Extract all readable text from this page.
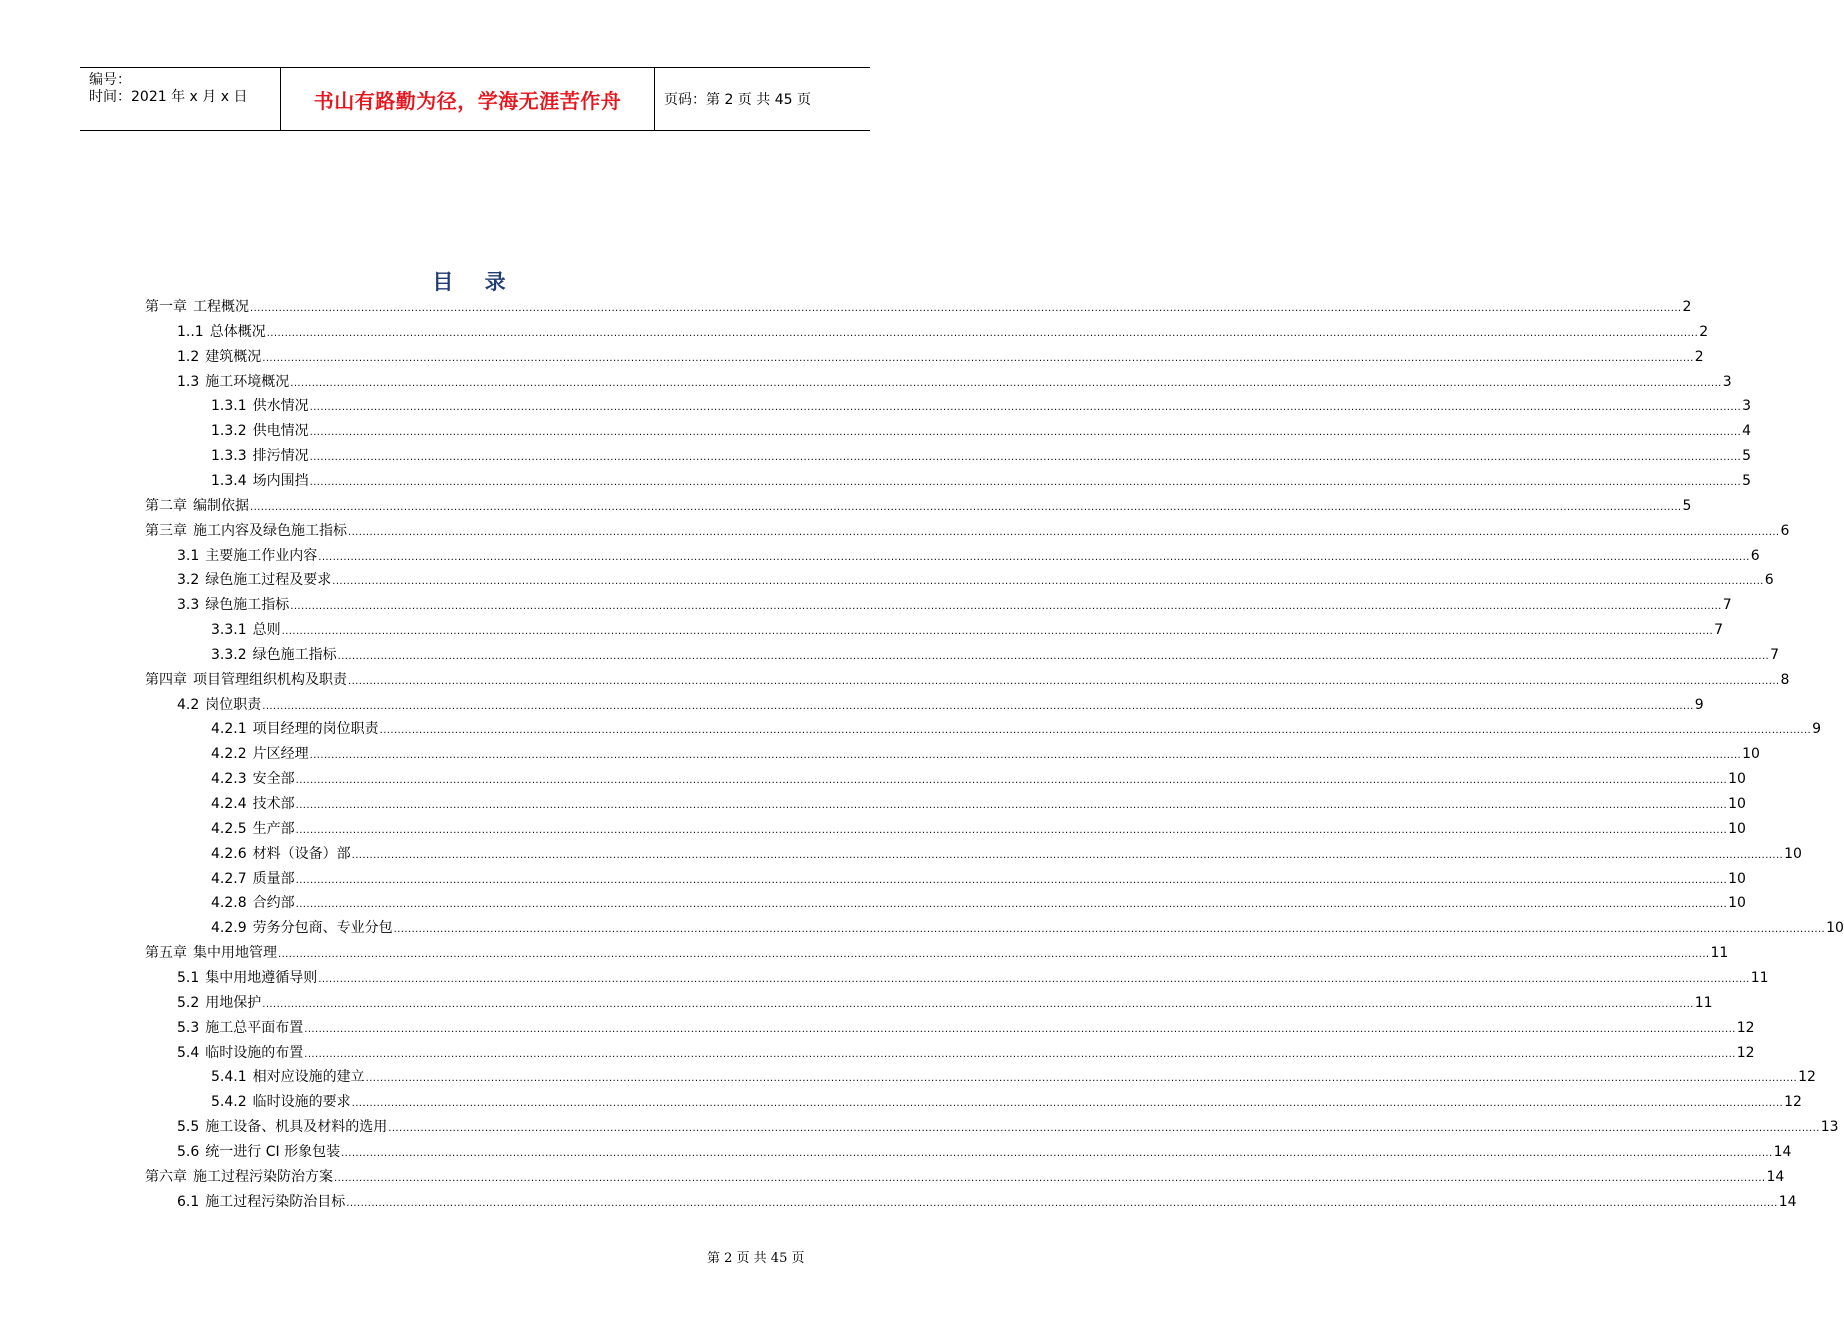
编号：
时间：2021 年 x 月 x 日	书山有路勤为径，学海无涯苦作舟	页码：第 2 页 共 45 页
目 录
第一章 工程概况 ................................................................................................................................................................................................................................................................................................................................................................................................................ 2
1..1 总体概况 ................................................................................................................................................................................................................................................................................................................................................................................................................ 2
1.2 建筑概况 ................................................................................................................................................................................................................................................................................................................................................................................................................ 2
1.3 施工环境概况 ................................................................................................................................................................................................................................................................................................................................................................................................................ 3
1.3.1 供水情况 ................................................................................................................................................................................................................................................................................................................................................................................................................ 3
1.3.2 供电情况 ................................................................................................................................................................................................................................................................................................................................................................................................................ 4
1.3.3 排污情况 ................................................................................................................................................................................................................................................................................................................................................................................................................ 5
1.3.4 场内围挡 ................................................................................................................................................................................................................................................................................................................................................................................................................ 5
第二章 编制依据 ................................................................................................................................................................................................................................................................................................................................................................................................................ 5
第三章 施工内容及绿色施工指标 ................................................................................................................................................................................................................................................................................................................................................................................................................ 6
3.1 主要施工作业内容 ................................................................................................................................................................................................................................................................................................................................................................................................................ 6
3.2 绿色施工过程及要求 ................................................................................................................................................................................................................................................................................................................................................................................................................ 6
3.3 绿色施工指标 ................................................................................................................................................................................................................................................................................................................................................................................................................ 7
3.3.1 总则 ................................................................................................................................................................................................................................................................................................................................................................................................................ 7
3.3.2 绿色施工指标 ................................................................................................................................................................................................................................................................................................................................................................................................................ 7
第四章 项目管理组织机构及职责 ................................................................................................................................................................................................................................................................................................................................................................................................................ 8
4.2 岗位职责 ................................................................................................................................................................................................................................................................................................................................................................................................................ 9
4.2.1 项目经理的岗位职责 ................................................................................................................................................................................................................................................................................................................................................................................................................ 9
4.2.2 片区经理 ................................................................................................................................................................................................................................................................................................................................................................................................................ 10
4.2.3 安全部 ................................................................................................................................................................................................................................................................................................................................................................................................................ 10
4.2.4 技术部 ................................................................................................................................................................................................................................................................................................................................................................................................................ 10
4.2.5 生产部 ................................................................................................................................................................................................................................................................................................................................................................................................................ 10
4.2.6 材料（设备）部 ................................................................................................................................................................................................................................................................................................................................................................................................................ 10
4.2.7 质量部 ................................................................................................................................................................................................................................................................................................................................................................................................................ 10
4.2.8 合约部 ................................................................................................................................................................................................................................................................................................................................................................................................................ 10
4.2.9 劳务分包商、专业分包 ................................................................................................................................................................................................................................................................................................................................................................................................................ 10
第五章 集中用地管理 ................................................................................................................................................................................................................................................................................................................................................................................................................ 11
5.1 集中用地遵循导则 ................................................................................................................................................................................................................................................................................................................................................................................................................ 11
5.2 用地保护 ................................................................................................................................................................................................................................................................................................................................................................................................................ 11
5.3 施工总平面布置 ................................................................................................................................................................................................................................................................................................................................................................................................................ 12
5.4 临时设施的布置 ................................................................................................................................................................................................................................................................................................................................................................................................................ 12
5.4.1 相对应设施的建立 ................................................................................................................................................................................................................................................................................................................................................................................................................ 12
5.4.2 临时设施的要求 ................................................................................................................................................................................................................................................................................................................................................................................................................ 12
5.5 施工设备、机具及材料的选用 ................................................................................................................................................................................................................................................................................................................................................................................................................ 13
5.6 统一进行 CI 形象包装 ................................................................................................................................................................................................................................................................................................................................................................................................................ 14
第六章 施工过程污染防治方案 ................................................................................................................................................................................................................................................................................................................................................................................................................ 14
6.1 施工过程污染防治目标 ................................................................................................................................................................................................................................................................................................................................................................................................................ 14
第 2 页 共 45 页
